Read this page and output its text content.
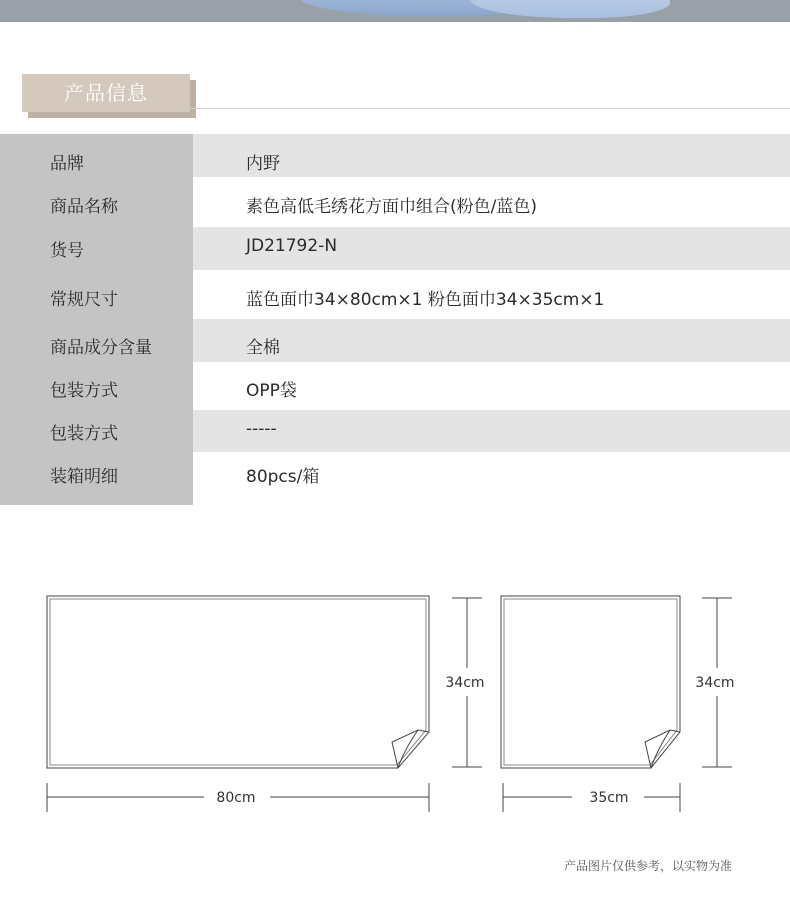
产品信息
品牌	内野
商品名称	素色高低毛绣花方面巾组合(粉色/蓝色)
货号	JD21792-N
常规尺寸	蓝色面巾34×80cm×1 粉色面巾34×35cm×1
商品成分含量	全棉
包装方式	OPP袋
包装方式	-----
装箱明细	80pcs/箱
34cm
80cm
34cm
35cm
产品图片仅供参考，以实物为准
